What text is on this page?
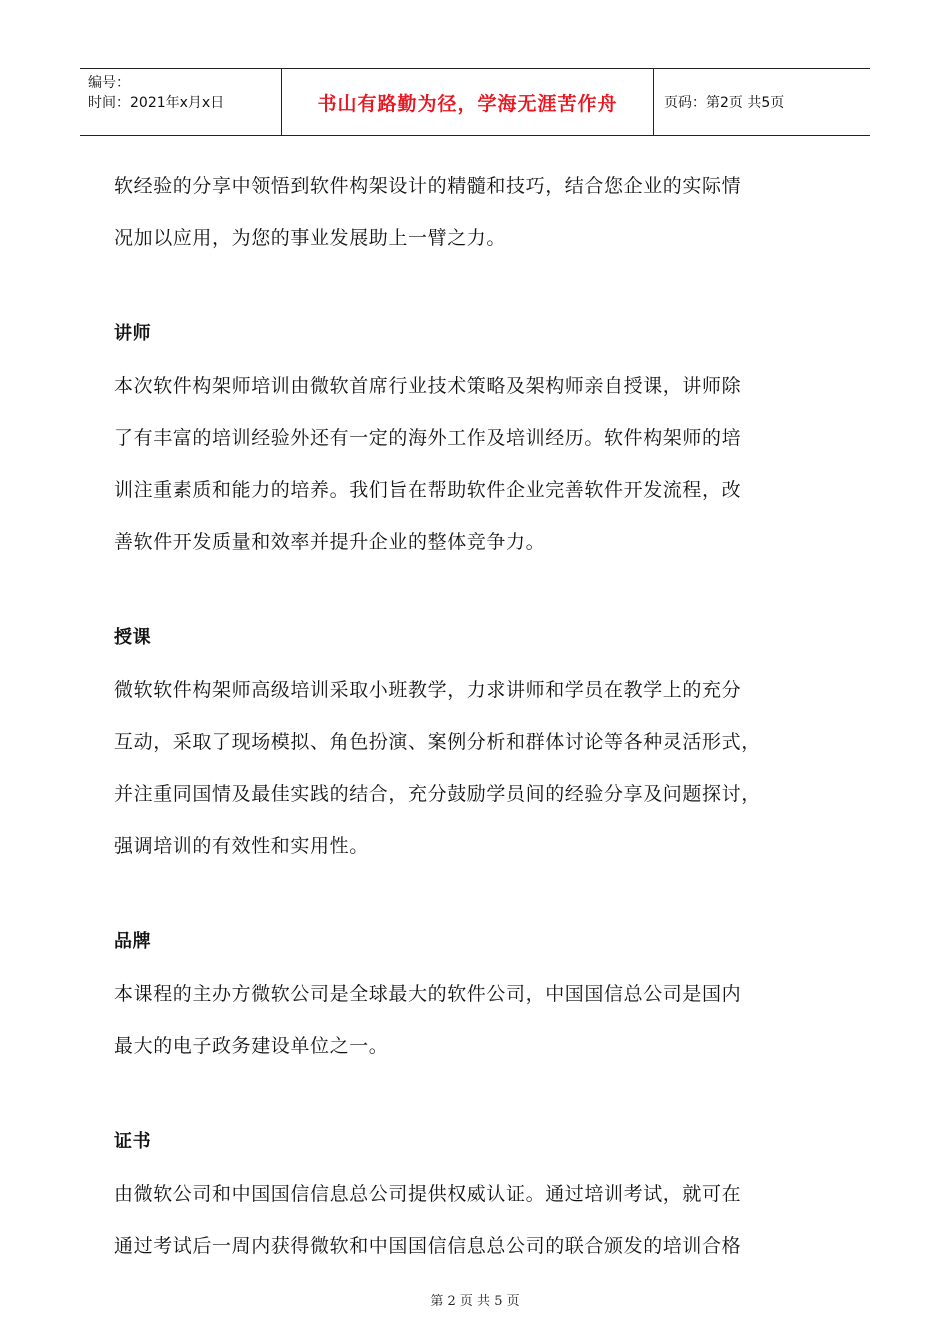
编号：
时间：2021年x月x日	书山有路勤为径，学海无涯苦作舟	页码：第2页 共5页

软经验的分享中领悟到软件构架设计的精髓和技巧，结合您企业的实际情

况加以应用，为您的事业发展助上一臂之力。

讲师

本次软件构架师培训由微软首席行业技术策略及架构师亲自授课，讲师除

了有丰富的培训经验外还有一定的海外工作及培训经历。软件构架师的培

训注重素质和能力的培养。我们旨在帮助软件企业完善软件开发流程，改

善软件开发质量和效率并提升企业的整体竞争力。

授课

微软软件构架师高级培训采取小班教学，力求讲师和学员在教学上的充分

互动，采取了现场模拟、角色扮演、案例分析和群体讨论等各种灵活形式，

并注重同国情及最佳实践的结合，充分鼓励学员间的经验分享及问题探讨，

强调培训的有效性和实用性。

品牌

本课程的主办方微软公司是全球最大的软件公司，中国国信总公司是国内

最大的电子政务建设单位之一。

证书

由微软公司和中国国信信息总公司提供权威认证。通过培训考试，就可在

通过考试后一周内获得微软和中国国信信息总公司的联合颁发的培训合格

第 2 页 共 5 页
